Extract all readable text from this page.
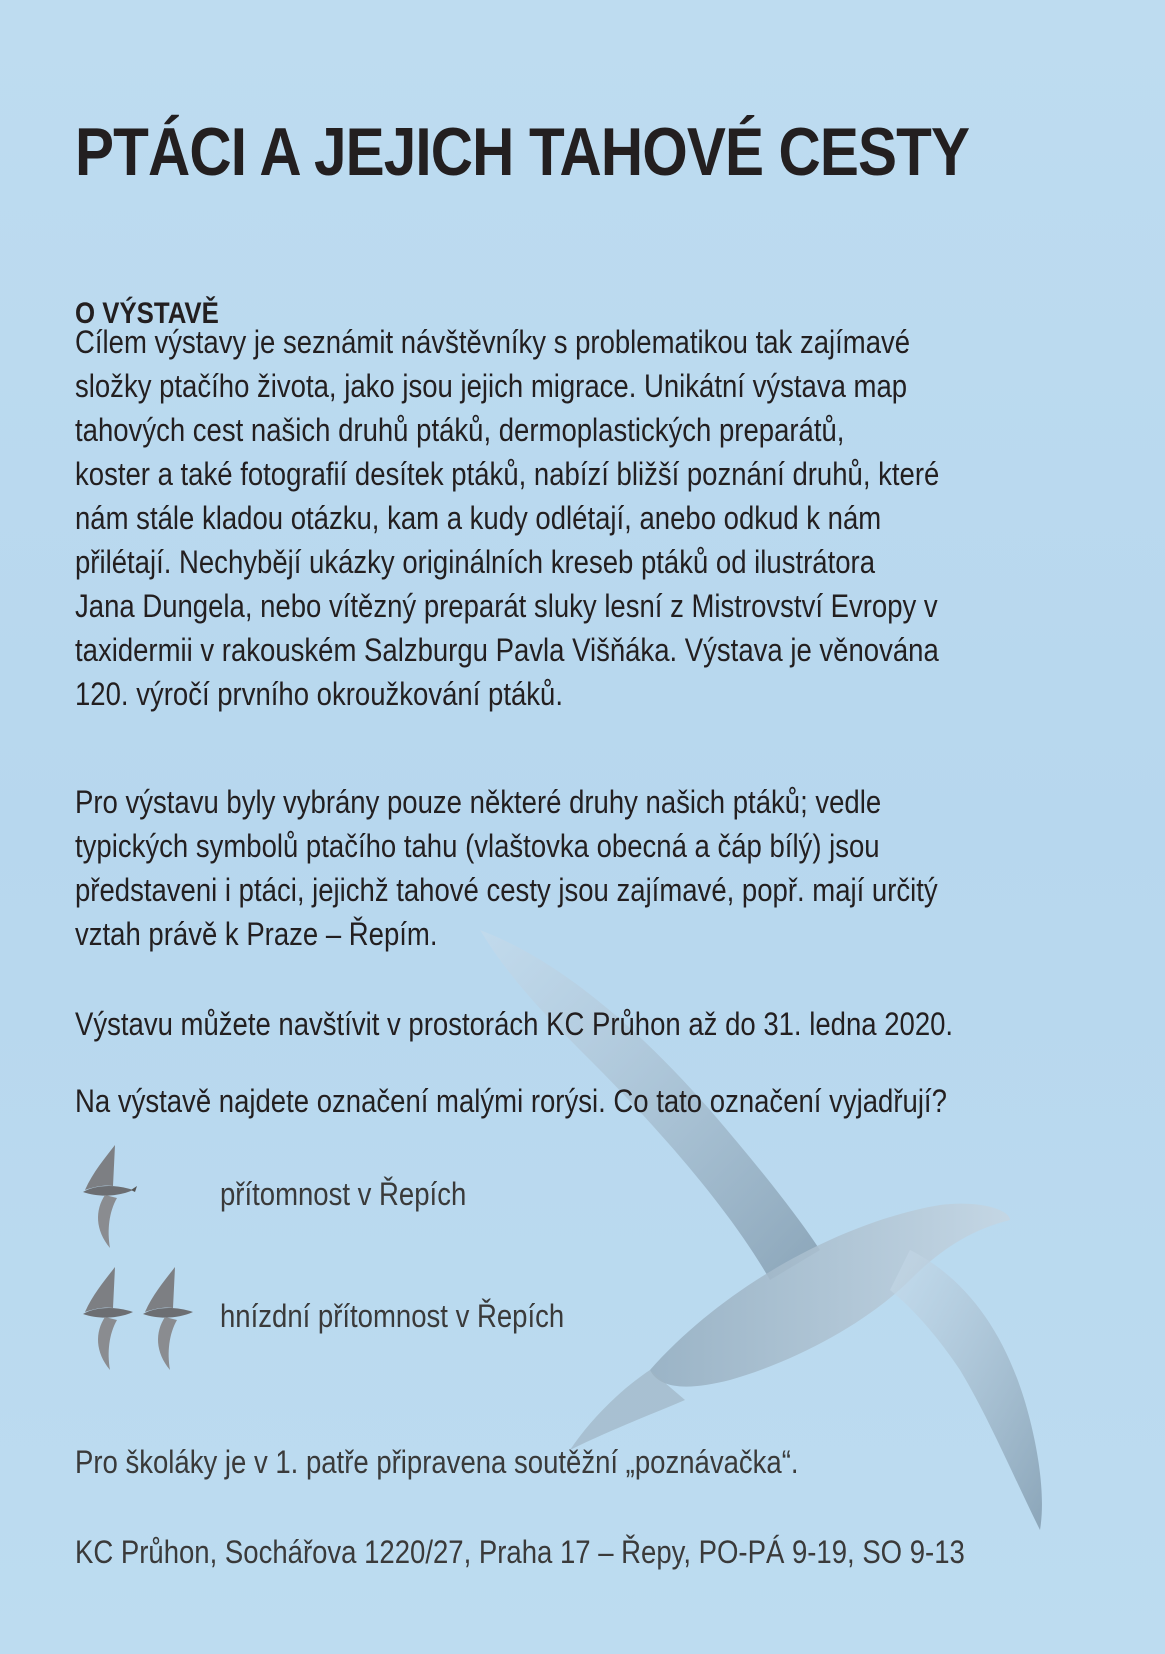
PTÁCI A JEJICH TAHOVÉ CESTY
O VÝSTAVĚ
Cílem výstavy je seznámit návštěvníky s problematikou tak zajímavé
složky ptačího života, jako jsou jejich migrace. Unikátní výstava map
tahových cest našich druhů ptáků, dermoplastických preparátů,
koster a také fotografií desítek ptáků, nabízí bližší poznání druhů, které
nám stále kladou otázku, kam a kudy odlétají, anebo odkud k nám
přilétají. Nechybějí ukázky originálních kreseb ptáků od ilustrátora
Jana Dungela, nebo vítězný preparát sluky lesní z Mistrovství Evropy v
taxidermii v rakouském Salzburgu Pavla Višňáka. Výstava je věnována
120. výročí prvního okroužkování ptáků.
Pro výstavu byly vybrány pouze některé druhy našich ptáků; vedle
typických symbolů ptačího tahu (vlaštovka obecná a čáp bílý) jsou
představeni i ptáci, jejichž tahové cesty jsou zajímavé, popř. mají určitý
vztah právě k Praze – Řepím.
Výstavu můžete navštívit v prostorách KC Průhon až do 31. ledna 2020.
Na výstavě najdete označení malými rorýsi. Co tato označení vyjadřují?
přítomnost v Řepích
hnízdní přítomnost v Řepích
Pro školáky je v 1. patře připravena soutěžní „poznávačka“.
KC Průhon, Sochářova 1220/27, Praha 17 – Řepy, PO-PÁ 9-19, SO 9-13
